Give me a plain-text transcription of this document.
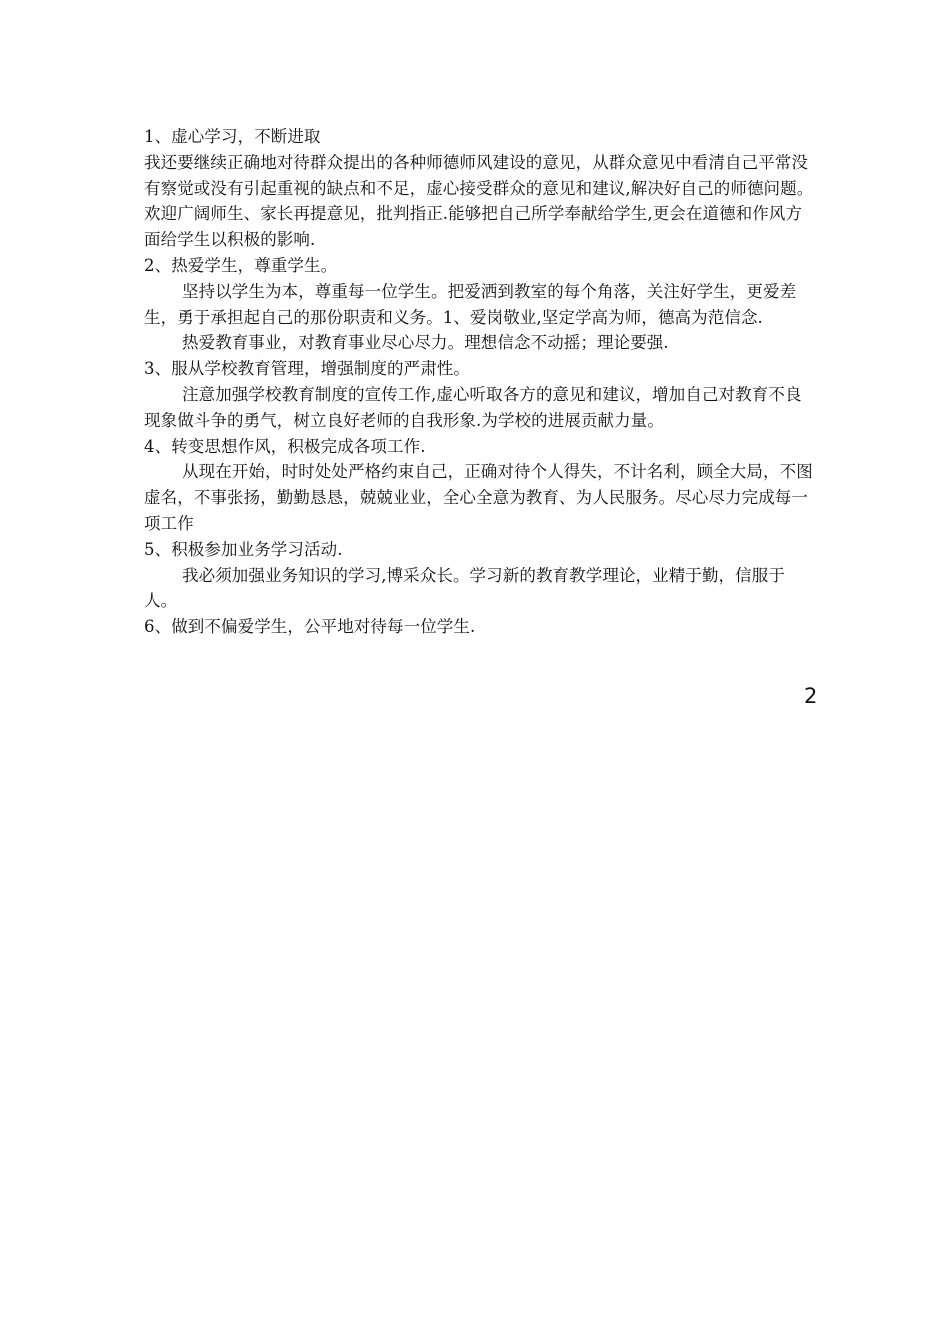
1、虚心学习，不断进取

我还要继续正确地对待群众提出的各种师德师风建设的意见，从群众意见中看清自己平常没有察觉或没有引起重视的缺点和不足，虚心接受群众的意见和建议,解决好自己的师德问题。欢迎广阔师生、家长再提意见，批判指正.能够把自己所学奉献给学生,更会在道德和作风方面给学生以积极的影响.

2、热爱学生，尊重学生。

坚持以学生为本，尊重每一位学生。把爱洒到教室的每个角落，关注好学生，更爱差生，勇于承担起自己的那份职责和义务。1、爱岗敬业,坚定学高为师，德高为范信念.

热爱教育事业，对教育事业尽心尽力。理想信念不动摇；理论要强.

3、服从学校教育管理，增强制度的严肃性。

注意加强学校教育制度的宣传工作,虚心听取各方的意见和建议，增加自己对教育不良现象做斗争的勇气，树立良好老师的自我形象.为学校的进展贡献力量。

4、转变思想作风，积极完成各项工作.

从现在开始，时时处处严格约束自己，正确对待个人得失，不计名利，顾全大局，不图虚名，不事张扬，勤勤恳恳，兢兢业业，全心全意为教育、为人民服务。尽心尽力完成每一项工作

5、积极参加业务学习活动.

我必须加强业务知识的学习,博采众长。学习新的教育教学理论，业精于勤，信服于人。

6、做到不偏爱学生，公平地对待每一位学生.

2
